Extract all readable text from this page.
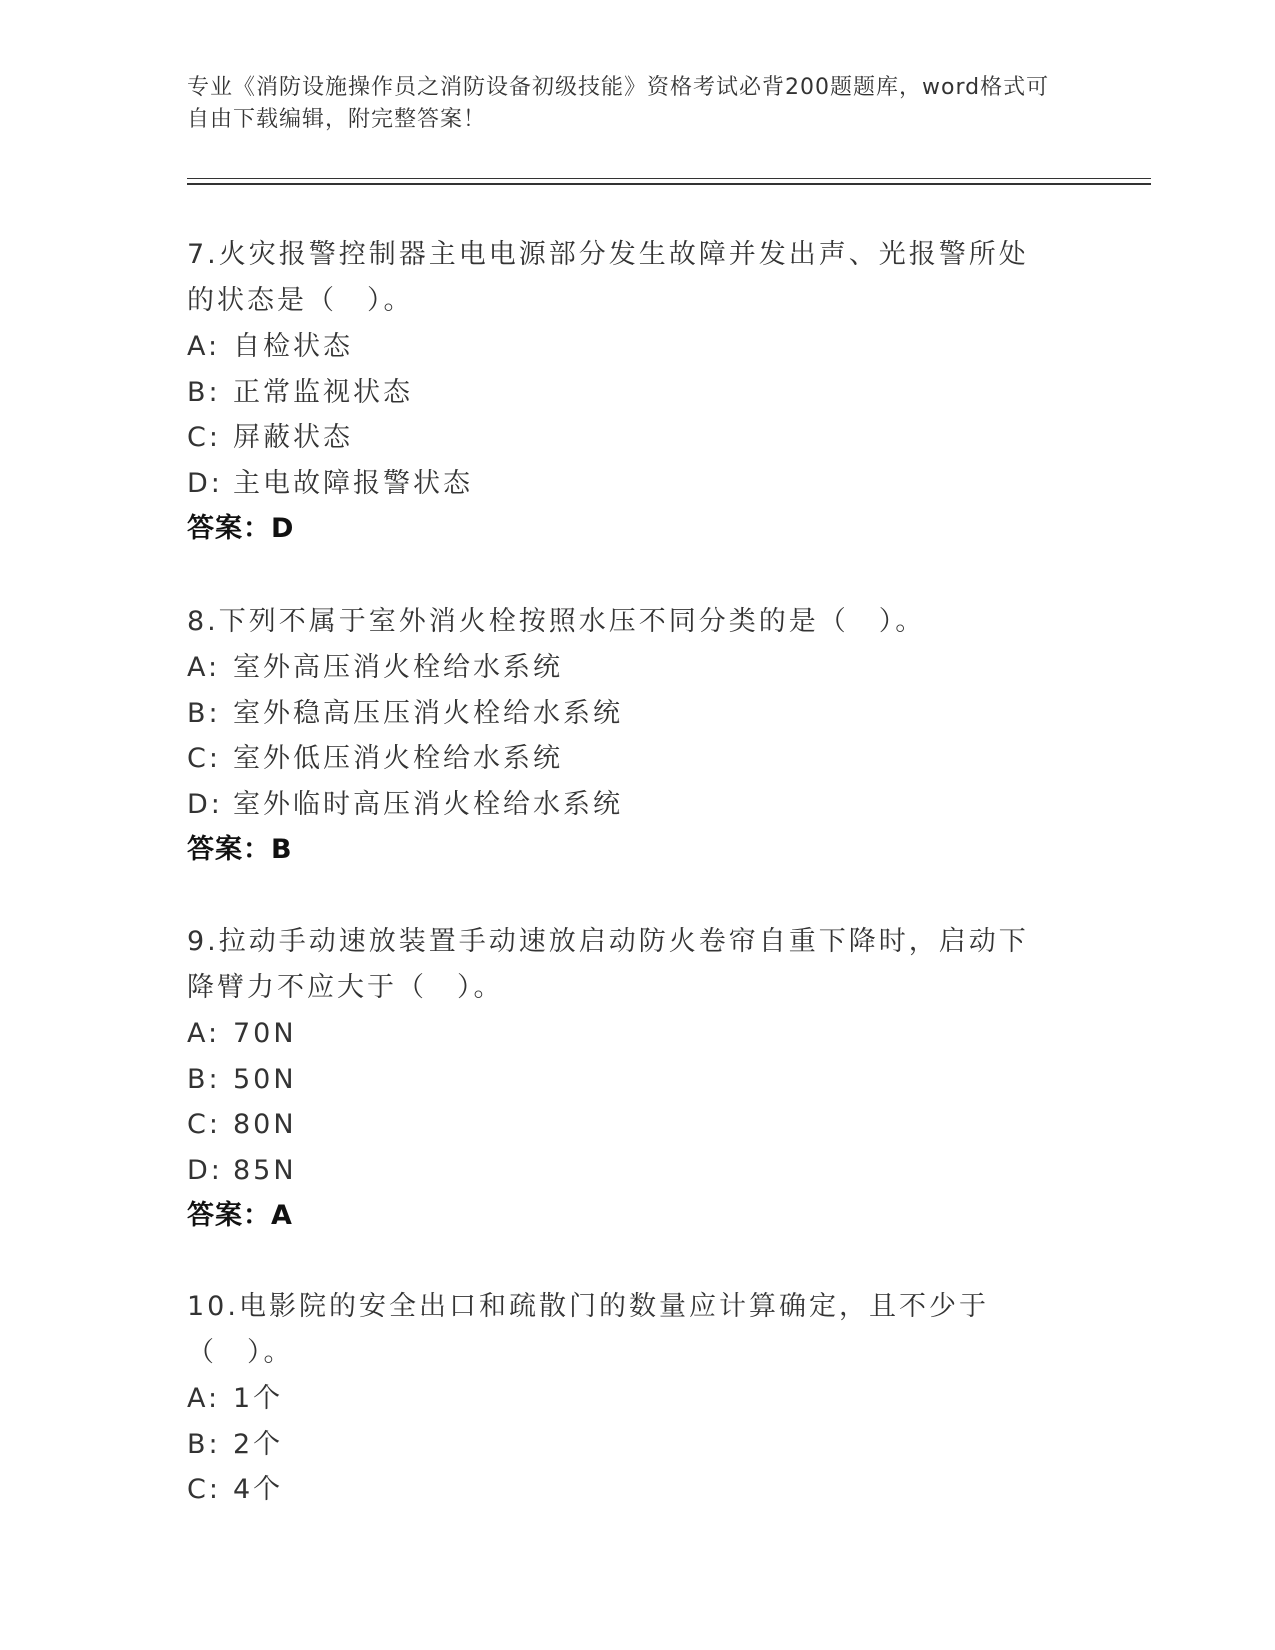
专业《消防设施操作员之消防设备初级技能》资格考试必背200题题库，word格式可自由下载编辑，附完整答案！
7.火灾报警控制器主电电源部分发生故障并发出声、光报警所处的状态是（　）。
A: 自检状态
B: 正常监视状态
C: 屏蔽状态
D: 主电故障报警状态
答案：D
8.下列不属于室外消火栓按照水压不同分类的是（　）。
A: 室外高压消火栓给水系统
B: 室外稳高压压消火栓给水系统
C: 室外低压消火栓给水系统
D: 室外临时高压消火栓给水系统
答案：B
9.拉动手动速放装置手动速放启动防火卷帘自重下降时，启动下降臂力不应大于（　）。
A: 70N
B: 50N
C: 80N
D: 85N
答案：A
10.电影院的安全出口和疏散门的数量应计算确定，且不少于（　）。
A: 1个
B: 2个
C: 4个
